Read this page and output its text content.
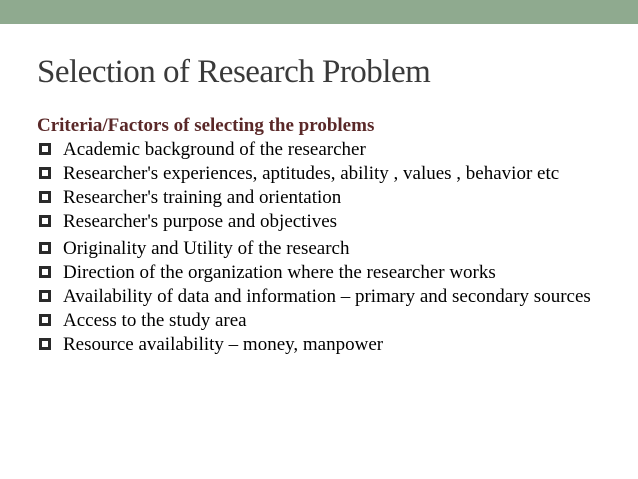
Selection of Research Problem

Criteria/Factors of selecting the problems

Academic background of the researcher
Researcher's experiences, aptitudes, ability , values , behavior etc
Researcher's training and orientation
Researcher's purpose and objectives
Originality and Utility of the research
Direction of the organization where the researcher works
Availability of data and information – primary and secondary sources
Access to the study area
Resource availability – money, manpower
